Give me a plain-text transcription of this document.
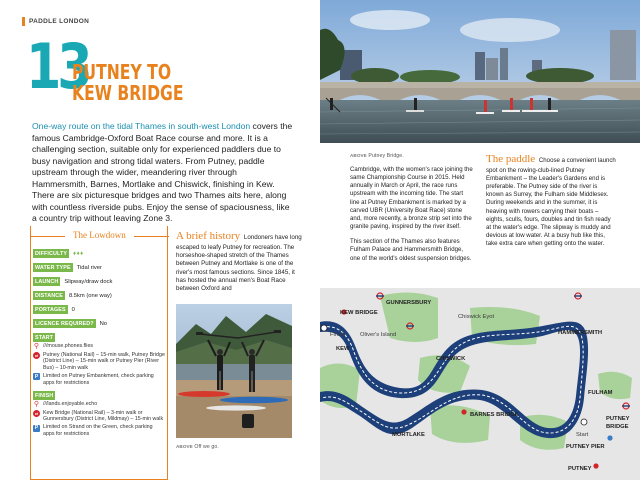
PADDLE LONDON
13
PUTNEY TO
KEW BRIDGE
One-way route on the tidal Thames in south-west London covers the famous Cambridge-Oxford Boat Race course and more. It is a challenging section, suitable only for experienced paddlers due to busy navigation and strong tidal waters. From Putney, paddle upstream through the wider, meandering river through Hammersmith, Barnes, Mortlake and Chiswick, finishing in Kew. There are six picturesque bridges and two Thames aits here, along with countless riverside pubs. Enjoy the sense of spaciousness, like a country trip without leaving Zone 3.
The Lowdown
DIFFICULTY	♦♦♦
WATER TYPE	Tidal river
LAUNCH	Slipway/draw dock
DISTANCE	8.5km (one way)
PORTAGES	0
LICENCE REQUIRED?	No
START
⚲ ///mouse.phones.flies
⇄ Putney (National Rail) – 15-min walk, Putney Bridge (District Line) – 15-min walk or Putney Pier (River Bus) – 10-min walk
P Limited on Putney Embankment, check parking apps for restrictions
FINISH
⚲ ///lands.enjoyable.echo
⇄ Kew Bridge (National Rail) – 3-min walk or Gunnersbury (District Line, Mildmay) – 15-min walk
P Limited on Strand on the Green, check parking apps for restrictions
A brief history Londoners have long escaped to leafy Putney for recreation. The horseshoe-shaped stretch of the Thames between Putney and Mortlake is one of the river's most famous sections. Since 1845, it has hosted the annual men's Boat Race between Oxford and
ABOVE Off we go.
ABOVE Putney Bridge.

Cambridge, with the women's race joining the same Championship Course in 2015. Held annually in March or April, the race runs upstream with the incoming tide. The start line at Putney Embankment is marked by a carved UBR (University Boat Race) stone and, more recently, a bronze strip set into the granite paving, inspired by the river itself.

This section of the Thames also features Fulham Palace and Hammersmith Bridge, one of the world's oldest suspension bridges.

The paddle Choose a convenient launch spot on the rowing-club-lined Putney Embankment – the Leader's Gardens end is preferable. The Putney side of the river is known as Surrey, the Fulham side Middlesex. During weekends and in the summer, it is heaving with rowers carrying their boats – eights, sculls, fours, doubles and tin fish ready at the water's edge. The slipway is muddy and devious at low water. At a busy hub like this, take extra care when getting onto the water.
KEW BRIDGE
GUNNERSBURY
Oliver's Island
Chiswick Eyot
HAMMERSMITH
KEW
Finish
CHISWICK
FULHAM
BARNES BRIDGE
MORTLAKE	Start
PUTNEY
BRIDGE
PUTNEY PIER
PUTNEY
